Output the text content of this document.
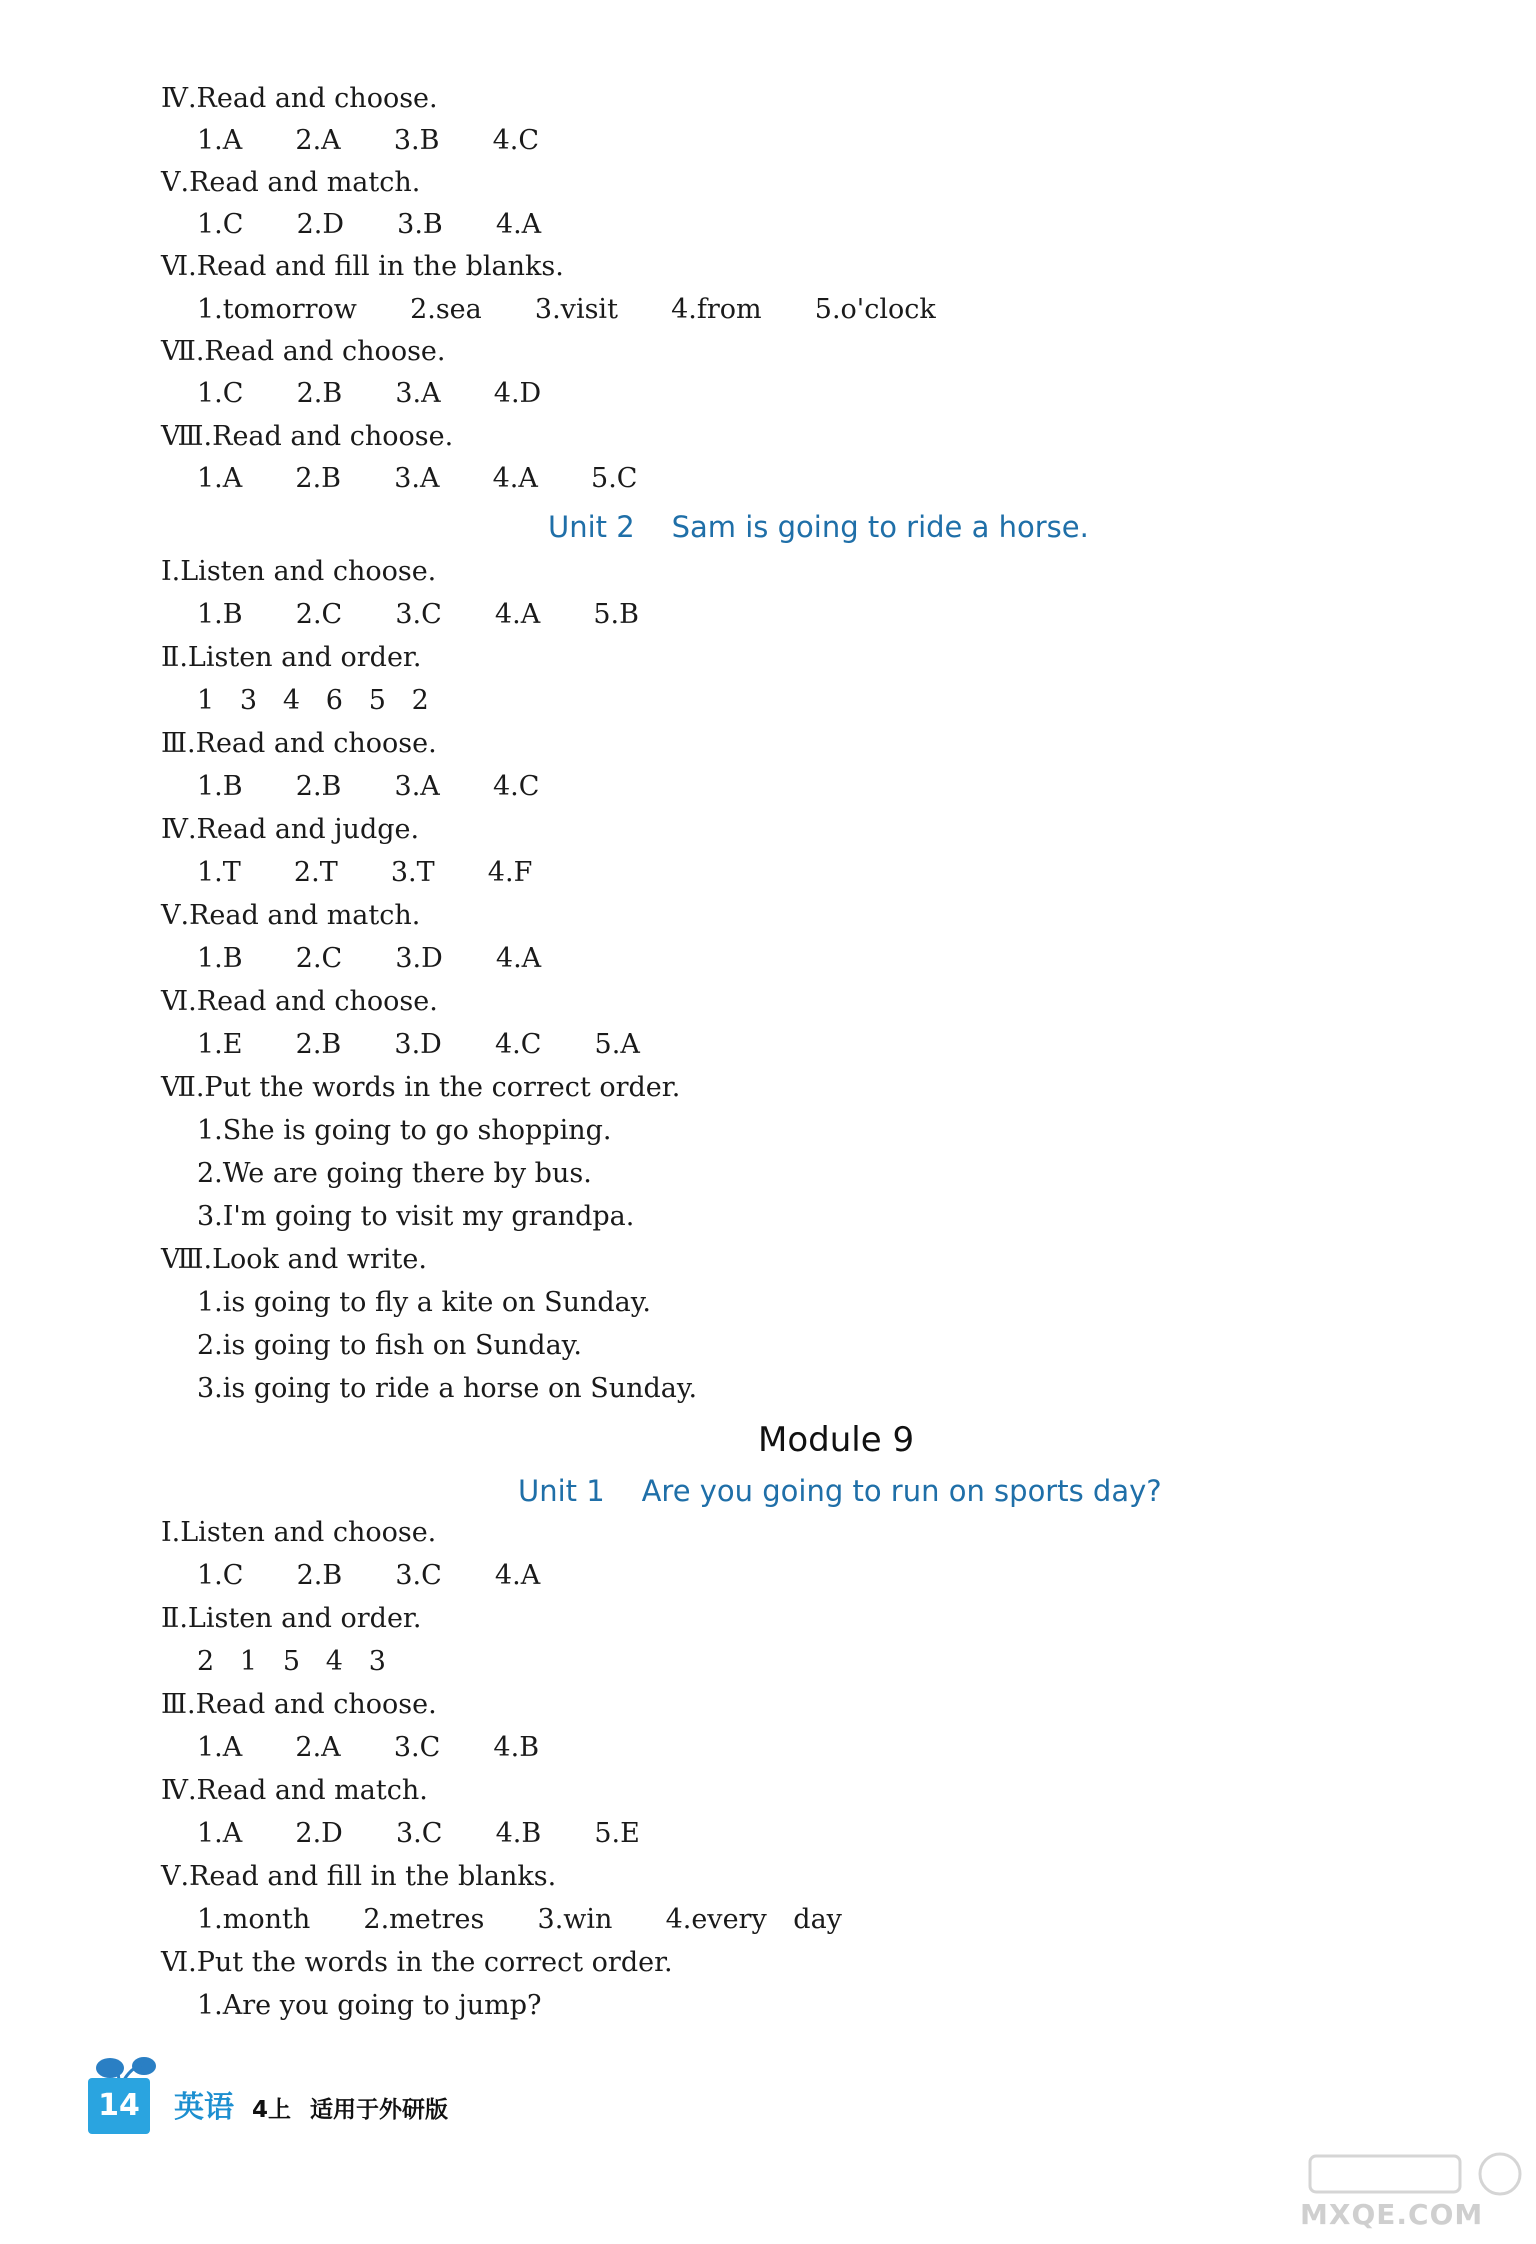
Ⅳ.Read and choose.
1.A  2.A  3.B  4.C
Ⅴ.Read and match.
1.C  2.D  3.B  4.A
Ⅵ.Read and fill in the blanks.
1.tomorrow  2.sea  3.visit  4.from  5.o'clock
Ⅶ.Read and choose.
1.C  2.B  3.A  4.D
Ⅷ.Read and choose.
1.A  2.B  3.A  4.A  5.C
Unit 2    Sam is going to ride a horse.
Ⅰ.Listen and choose.
1.B  2.C  3.C  4.A  5.B
Ⅱ.Listen and order.
1   3   4   6   5   2
Ⅲ.Read and choose.
1.B  2.B  3.A  4.C
Ⅳ.Read and judge.
1.T  2.T  3.T  4.F
Ⅴ.Read and match.
1.B  2.C  3.D  4.A
Ⅵ.Read and choose.
1.E  2.B  3.D  4.C  5.A
Ⅶ.Put the words in the correct order.
1.She is going to go shopping.
2.We are going there by bus.
3.I'm going to visit my grandpa.
Ⅷ.Look and write.
1.is going to fly a kite on Sunday.
2.is going to fish on Sunday.
3.is going to ride a horse on Sunday.
Module 9
Unit 1    Are you going to run on sports day?
Ⅰ.Listen and choose.
1.C  2.B  3.C  4.A
Ⅱ.Listen and order.
2   1   5   4   3
Ⅲ.Read and choose.
1.A  2.A  3.C  4.B
Ⅳ.Read and match.
1.A  2.D  3.C  4.B  5.E
Ⅴ.Read and fill in the blanks.
1.month  2.metres  3.win  4.every day
Ⅵ.Put the words in the correct order.
1.Are you going to jump?
14	英语 4上 适用于外研版
MXQE.COM
